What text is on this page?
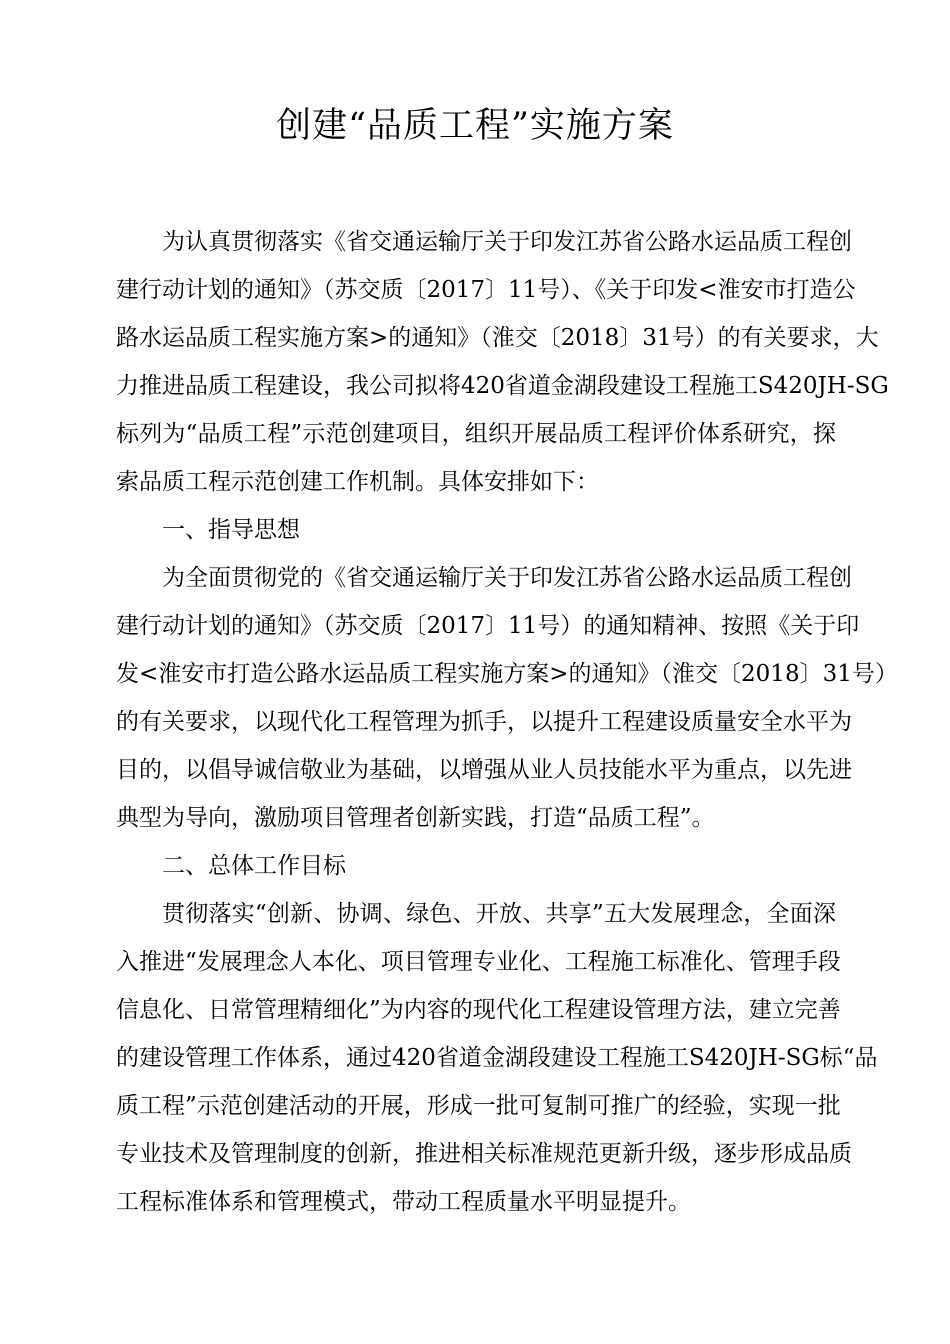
创建“品质工程”实施方案
为认真贯彻落实《省交通运输厅关于印发江苏省公路水运品质工程创
建行动计划的通知》（苏交质〔2017〕11号）、《关于印发<淮安市打造公
路水运品质工程实施方案>的通知》（淮交〔2018〕31号）的有关要求，大
力推进品质工程建设，我公司拟将420省道金湖段建设工程施工S420JH-SG
标列为“品质工程”示范创建项目，组织开展品质工程评价体系研究，探
索品质工程示范创建工作机制。具体安排如下：
一、指导思想
为全面贯彻党的《省交通运输厅关于印发江苏省公路水运品质工程创
建行动计划的通知》（苏交质〔2017〕11号）的通知精神、按照《关于印
发<淮安市打造公路水运品质工程实施方案>的通知》（淮交〔2018〕31号）
的有关要求，以现代化工程管理为抓手，以提升工程建设质量安全水平为
目的，以倡导诚信敬业为基础，以增强从业人员技能水平为重点，以先进
典型为导向，激励项目管理者创新实践，打造“品质工程”。
二、总体工作目标
贯彻落实“创新、协调、绿色、开放、共享”五大发展理念，全面深
入推进“发展理念人本化、项目管理专业化、工程施工标准化、管理手段
信息化、日常管理精细化”为内容的现代化工程建设管理方法，建立完善
的建设管理工作体系，通过420省道金湖段建设工程施工S420JH-SG标“品
质工程”示范创建活动的开展，形成一批可复制可推广的经验，实现一批
专业技术及管理制度的创新，推进相关标准规范更新升级，逐步形成品质
工程标准体系和管理模式，带动工程质量水平明显提升。
